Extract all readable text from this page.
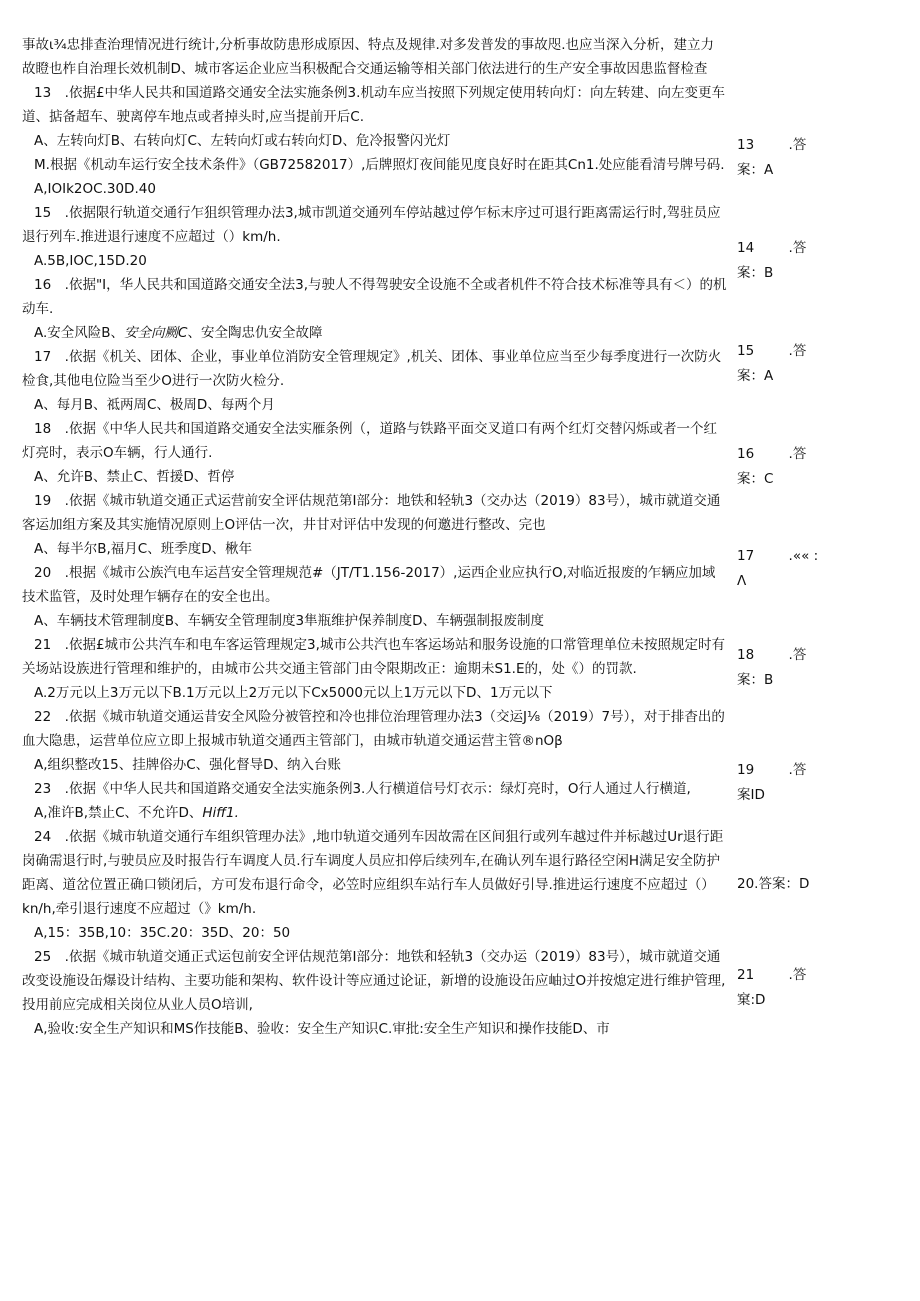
事故ι¾忠排查治理情况进行统计,分析事故防患形成原因、特点及规律.对多发普发的事故咫.也应当深入分析，建立力故瞪也柞自治理长效机制D、城市客运企业应当积极配合交通运输等相关部门依法进行的生产安全事故因患监督检查

13　.依据£中华人民共和国道路交通安全法实施条例3.机动车应当按照下列规定使用转向灯：向左转建、向左变更车道、掂备超车、驶离停车地点或者掉头时,应当提前开后C.

A、左转向灯B、右转向灯C、左转向灯或右转向灯D、危冷报警闪光灯

M.根据《机动车运行安全技术条件》（GB72582017）,后牌照灯夜间能见度良好时在距其Cn1.处应能看清号牌号码.

A,IOIk2OC.30D.40

15　.依据限行轨道交通行乍狙织管理办法3,城市凯道交通列车停站越过停乍标末序过可退行距离需运行时,驾驻员应退行列车.推进退行速度不应超过（）km/h.

A.5B,IOC,15D.20

16　.依据"I，华人民共和国道路交通安全法3,与驶人不得驾驶安全设施不全或者机件不符合技术标准等具有＜）的机动车.

A.安全风险B、安全向劂C、安全陶忠仇安全故障

17　.依据《机关、团体、企业，事业单位消防安全管理规定》,机关、团体、事业单位应当至少每季度进行一次防火检食,其他电位险当至少O进行一次防火检分.

A、每月B、祗两周C、极周D、每两个月

18　.依据《中华人民共和国道路交通安全法实雁条例（，道路与铁路平面交叉道口有两个红灯交替闪烁或者一个红灯亮时，表示O车辆，行人通行.

A、允许B、禁止C、哲援D、哲停

19　.依据《城市轨道交通正式运营前安全评估规范第I部分：地铁和轻轨3（交办达（2019）83号），城市就道交通客运加组方案及其实施情况原则上O评估一次，井甘对评估中发现的何邀进行整改、完也

A、每半尔B,福月C、班季度D、楸年

20　.根据《城市公族汽电车运莒安全管理规范#（JT/T1.156-2017）,运西企业应执行O,对临近报废的乍辆应加域技术监管，及时处理乍辆存在的安全也出。

A、车辆技术管理制度B、车辆安全管理制度3隼瓶维护保养制度D、车辆强制报废制度

21　.依据£城市公共汽车和电车客运管理规定3,城市公共汽也车客运场站和服务设施的口常管理单位未按照规定时有关场站设族进行管理和维护的，由城市公共交通主管部门由令限期改正：逾期未S1.E的，处《）的罚款.

A.2万元以上3万元以下B.1万元以上2万元以下Cx5000元以上1万元以下D、1万元以下

22　.依据《城市轨道交通运昔安全风险分被管控和冷也排位治理管理办法3（交运J⅛（2019）7号），对于排杳出的血大隐患，运营单位应立即上报城市轨道交通西主管部门，由城市轨道交通运营主管®nOβ

A,组织整改15、挂牌俗办C、强化督导D、纳入台账

23　.依据《中华人民共和国道路交通安全法实施条例3.人行横道信号灯衣示：绿灯亮时，O行人通过人行横道,

A,准许B,禁止C、不允许D、Hiff1.

24　.依据《城市轨道交通行车组织管理办法》,地巾轨道交通列车因故需在区间狙行或列车越过件并标越过Ur退行距岗确需退行时,与驶员应及时报告行车调度人员.行车调度人员应扣停后续列车,在确认列车退行路径空闲H满足安全防护距离、道岔位置正确口锁闭后，方可发布退行命令，必笠时应组织车站行车人员做好引导.推进运行速度不应超过（）kn∕h,牵引退行速度不应超过（》km/h.

A,15：35B,10：35C.20：35D、20：50

25　.依据《城市轨道交通正式运包前安全评估规范第I部分：地铁和轻轨3（交办运（2019）83号），城市就道交通改变设施设缶爆设计结构、主要功能和架构、软件设计等应通过论证，新增的设施设缶应岫过O并按熄定进行维护管理,投用前应完成相关岗位从业人员O培训,

A,验收:安全生产知识和MS作技能B、验收：安全生产知识C.审批:安全生产知识和操作技能D、市

13	.答
案：A
14	.答
案：B
15	.答
案：A
16	.答
案：C
17	.«« :
Λ
18	.答
案：B
19	.答
案ID
20.答案：D
21	.答
窠:D
